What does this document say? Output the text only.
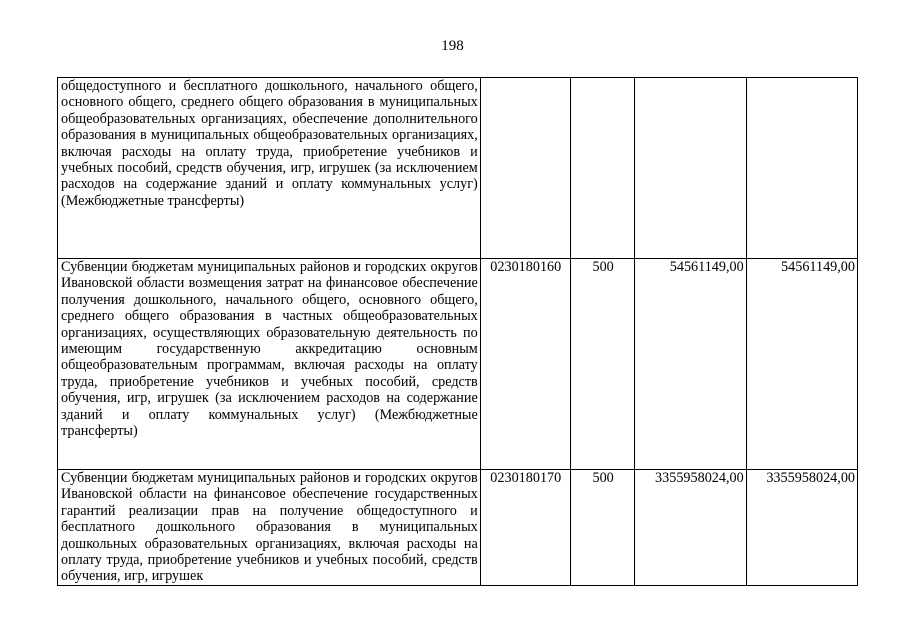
198
общедоступного и бесплатного дошкольного, начального общего, основного общего, среднего общего образования в муниципальных общеобразовательных организациях, обеспечение дополнительного образования в муниципальных общеобразовательных организациях, включая расходы на оплату труда, приобретение учебников и учебных пособий, средств обучения, игр, игрушек (за исключением расходов на содержание зданий и оплату коммунальных услуг) (Межбюджетные трансферты)				
Субвенции бюджетам муниципальных районов и городских округов Ивановской области возмещения затрат на финансовое обеспечение получения дошкольного, начального общего, основного общего, среднего общего образования в частных общеобразовательных организациях, осуществляющих образовательную деятельность по имеющим государственную аккредитацию основным общеобразовательным программам, включая расходы на оплату труда, приобретение учебников и учебных пособий, средств обучения, игр, игрушек (за исключением расходов на содержание зданий и оплату коммунальных услуг) (Межбюджетные трансферты)	0230180160	500	54561149,00	54561149,00
Субвенции бюджетам муниципальных районов и городских округов Ивановской области на финансовое обеспечение государственных гарантий реализации прав на получение общедоступного и бесплатного дошкольного образования в муниципальных дошкольных образовательных организациях, включая расходы на оплату труда, приобретение учебников и учебных пособий, средств обучения, игр, игрушек	0230180170	500	3355958024,00	3355958024,00
